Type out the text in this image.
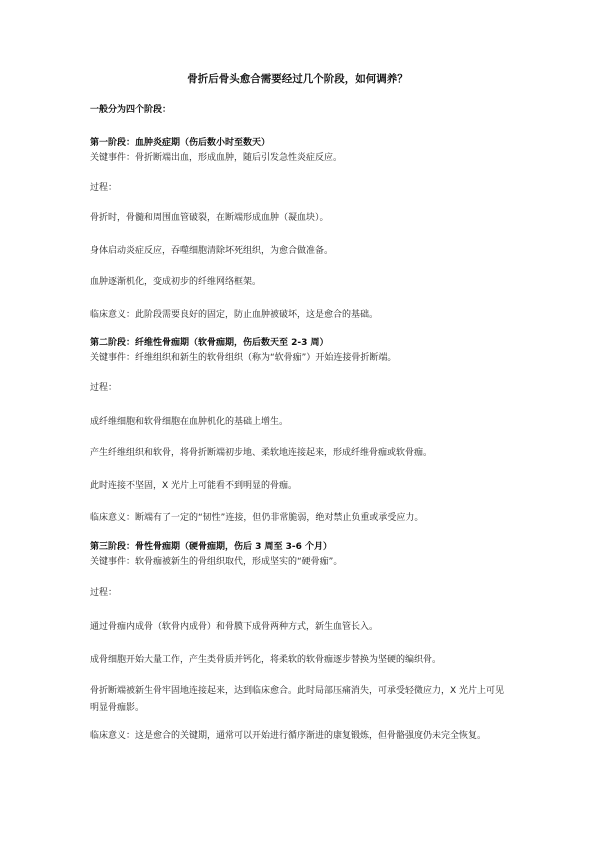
骨折后骨头愈合需要经过几个阶段，如何调养？
一般分为四个阶段：
第一阶段：血肿炎症期（伤后数小时至数天）
关键事件：骨折断端出血，形成血肿，随后引发急性炎症反应。
过程：
骨折时，骨髓和周围血管破裂，在断端形成血肿（凝血块）。
身体启动炎症反应，吞噬细胞清除坏死组织，为愈合做准备。
血肿逐渐机化，变成初步的纤维网络框架。
临床意义：此阶段需要良好的固定，防止血肿被破坏，这是愈合的基础。
第二阶段：纤维性骨痂期（软骨痂期，伤后数天至 2-3 周）
关键事件：纤维组织和新生的软骨组织（称为“软骨痂”）开始连接骨折断端。
过程：
成纤维细胞和软骨细胞在血肿机化的基础上增生。
产生纤维组织和软骨，将骨折断端初步地、柔软地连接起来，形成纤维骨痂或软骨痂。
此时连接不坚固，X 光片上可能看不到明显的骨痂。
临床意义：断端有了一定的“韧性”连接，但仍非常脆弱，绝对禁止负重或承受应力。
第三阶段：骨性骨痂期（硬骨痂期，伤后 3 周至 3-6 个月）
关键事件：软骨痂被新生的骨组织取代，形成坚实的“硬骨痂”。
过程：
通过骨痂内成骨（软骨内成骨）和骨膜下成骨两种方式，新生血管长入。
成骨细胞开始大量工作，产生类骨质并钙化，将柔软的软骨痂逐步替换为坚硬的编织骨。
骨折断端被新生骨牢固地连接起来，达到临床愈合。此时局部压痛消失，可承受轻微应力，X 光片上可见明显骨痂影。
临床意义：这是愈合的关键期，通常可以开始进行循序渐进的康复锻炼，但骨骼强度仍未完全恢复。
